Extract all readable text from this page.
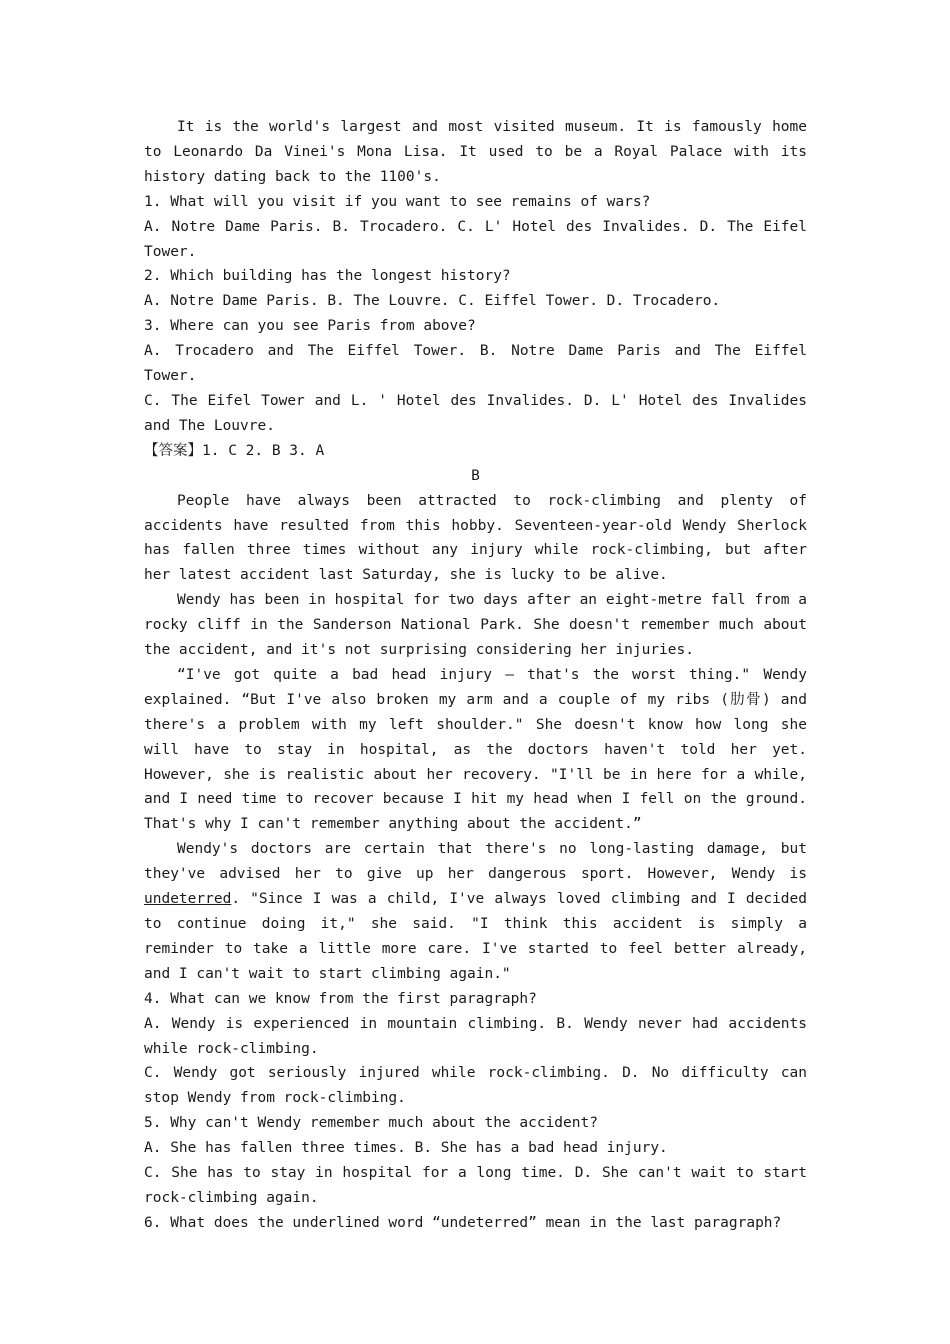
It is the world's largest and most visited museum. It is famously home to Leonardo Da Vinei's Mona Lisa. It used to be a Royal Palace with its history dating back to the 1100's.

1. What will you visit if you want to see remains of wars?

A. Notre Dame Paris. B. Trocadero. C. L' Hotel des Invalides. D. The Eifel Tower.

2. Which building has the longest history?

A. Notre Dame Paris. B. The Louvre. C. Eiffel Tower. D. Trocadero.

3. Where can you see Paris from above?

A. Trocadero and The Eiffel Tower. B. Notre Dame Paris and The Eiffel Tower.

C. The Eifel Tower and L. ' Hotel des Invalides. D. L' Hotel des Invalides and The Louvre.

【答案】1. C 2. B 3. A

B

People have always been attracted to rock-climbing and plenty of accidents have resulted from this hobby. Seventeen-year-old Wendy Sherlock has fallen three times without any injury while rock-climbing, but after her latest accident last Saturday, she is lucky to be alive.

Wendy has been in hospital for two days after an eight-metre fall from a rocky cliff in the Sanderson National Park. She doesn't remember much about the accident, and it's not surprising considering her injuries.

“I've got quite a bad head injury — that's the worst thing." Wendy explained. “But I've also broken my arm and a couple of my ribs (肋骨) and there's a problem with my left shoulder." She doesn't know how long she will have to stay in hospital, as the doctors haven't told her yet. However, she is realistic about her recovery. "I'll be in here for a while, and I need time to recover because I hit my head when I fell on the ground. That's why I can't remember anything about the accident.”

Wendy's doctors are certain that there's no long-lasting damage, but they've advised her to give up her dangerous sport. However, Wendy is undeterred. "Since I was a child, I've always loved climbing and I decided to continue doing it," she said. "I think this accident is simply a reminder to take a little more care. I've started to feel better already, and I can't wait to start climbing again."

4. What can we know from the first paragraph?

A. Wendy is experienced in mountain climbing. B. Wendy never had accidents while rock-climbing.

C. Wendy got seriously injured while rock-climbing. D. No difficulty can stop Wendy from rock-climbing.

5. Why can't Wendy remember much about the accident?

A. She has fallen three times. B. She has a bad head injury.

C. She has to stay in hospital for a long time. D. She can't wait to start rock-climbing again.

6. What does the underlined word “undeterred” mean in the last paragraph?
